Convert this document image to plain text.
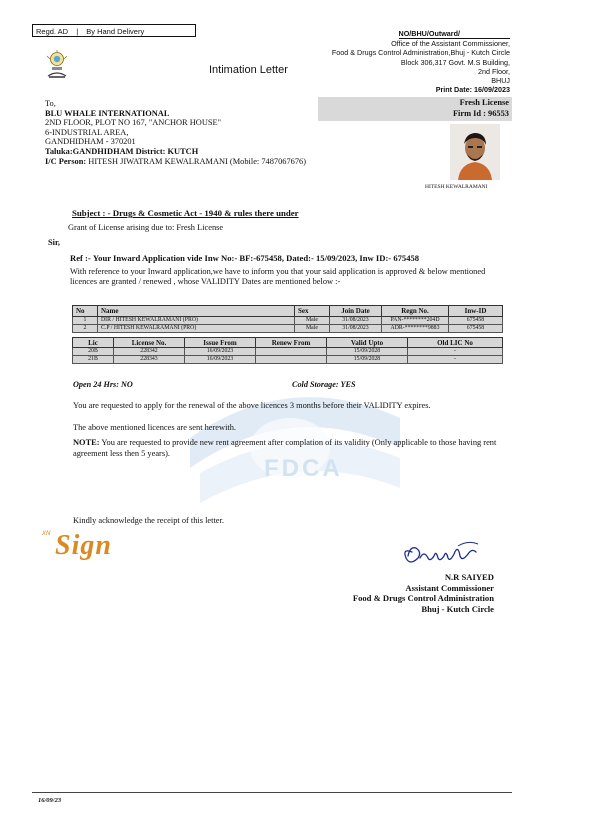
Regd. AD | By Hand Delivery	NO/BHU/Outward/
Office of the Assistant Commissioner,
Food & Drugs Control Administration,Bhuj - Kutch Circle
Block 306,317 Govt. M.S Building,
2nd Floor,
BHUJ
Print Date: 16/09/2023
Intimation Letter
To,
BLU WHALE INTERNATIONAL
2ND FLOOR, PLOT NO 167, "ANCHOR HOUSE"
6-INDUSTRIAL AREA,
GANDHIDHAM - 370201
Taluka:GANDHIDHAM District: KUTCH
I/C Person: HITESH JIWATRAM KEWALRAMANI (Mobile: 7487067676)
Fresh License
Firm Id : 96553
HITESH KEWALRAMANI
Subject : - Drugs & Cosmetic Act - 1940 & rules there under
Grant of License arising due to: Fresh License
Sir,
Ref :- Your Inward Application vide Inw No:- BF:-675458, Dated:- 15/09/2023, Inw ID:- 675458
With reference to your Inward application,we have to inform you that your said application is approved & below mentioned licences are granted / renewed , whose VALIDITY Dates are mentioned below :-
No	Name	Sex	Join Date	Regn No.	Inw-ID
1	DIR / HITESH KEWALRAMANI (PRO)	Male	31/08/2023	PAN-********204D	675458
2	C.P / HITESH KEWALRAMANI (PRO)	Male	31/08/2023	ADR-********9883	675458
Lic	License No.	Issue From	Renew From	Valid Upto	Old LIC No
20B	228342	16/09/2023		15/09/2028	-
21B	228343	16/09/2023		15/09/2028	-
FDCA
Open 24 Hrs: NO	Cold Storage: YES
You are requested to apply for the renewal of the above licences 3 months before their VALIDITY expires.
The above mentioned licences are sent herewith.
NOTE: You are requested to provide new rent agreement after complation of its validity (Only applicable to those having rent agreement less then 5 years).
Kindly acknowledge the receipt of this letter.
XN Sign
N.R SAIYED
Assistant Commissioner
Food & Drugs Control Administration
Bhuj - Kutch Circle
16/09/23
